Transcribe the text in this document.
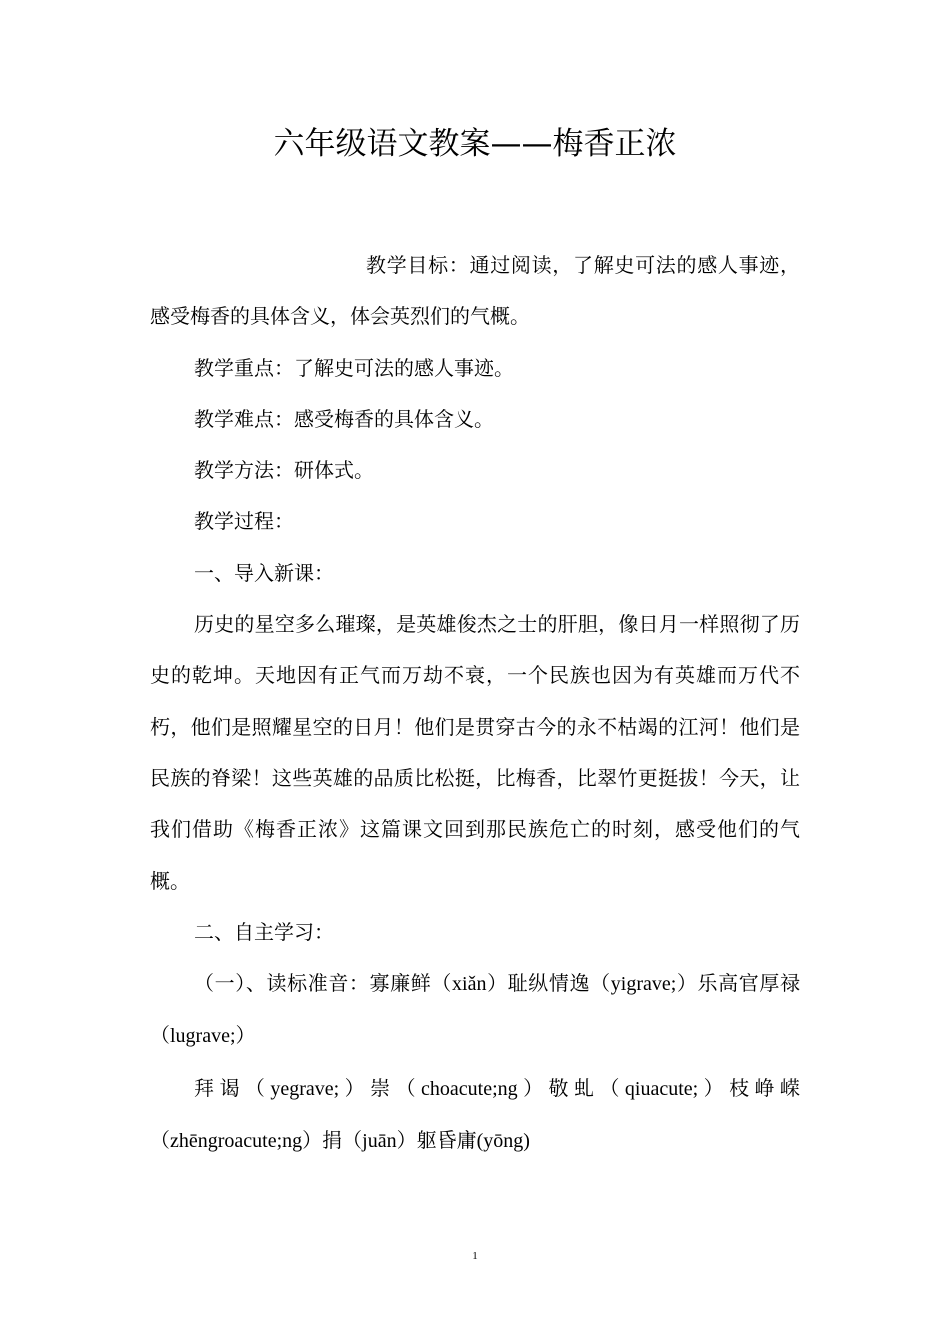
六年级语文教案——梅香正浓

教学目标：通过阅读，了解史可法的感人事迹，感受梅香的具体含义，体会英烈们的气概。

教学重点：了解史可法的感人事迹。

教学难点：感受梅香的具体含义。

教学方法：研体式。

教学过程：

一、导入新课：

历史的星空多么璀璨，是英雄俊杰之士的肝胆，像日月一样照彻了历史的乾坤。天地因有正气而万劫不衰，一个民族也因为有英雄而万代不朽，他们是照耀星空的日月！他们是贯穿古今的永不枯竭的江河！他们是民族的脊梁！这些英雄的品质比松挺，比梅香，比翠竹更挺拔！今天，让我们借助《梅香正浓》这篇课文回到那民族危亡的时刻，感受他们的气概。

二、自主学习：

（一）、读标准音：寡廉鲜（xiǎn）耻纵情逸（yigrave;）乐高官厚禄（lugrave;）

拜谒（yegrave;）崇（choacute;ng）敬虬（qiuacute;）枝峥嵘（zhēngroacute;ng）捐（juān）躯昏庸(yōng)

1
